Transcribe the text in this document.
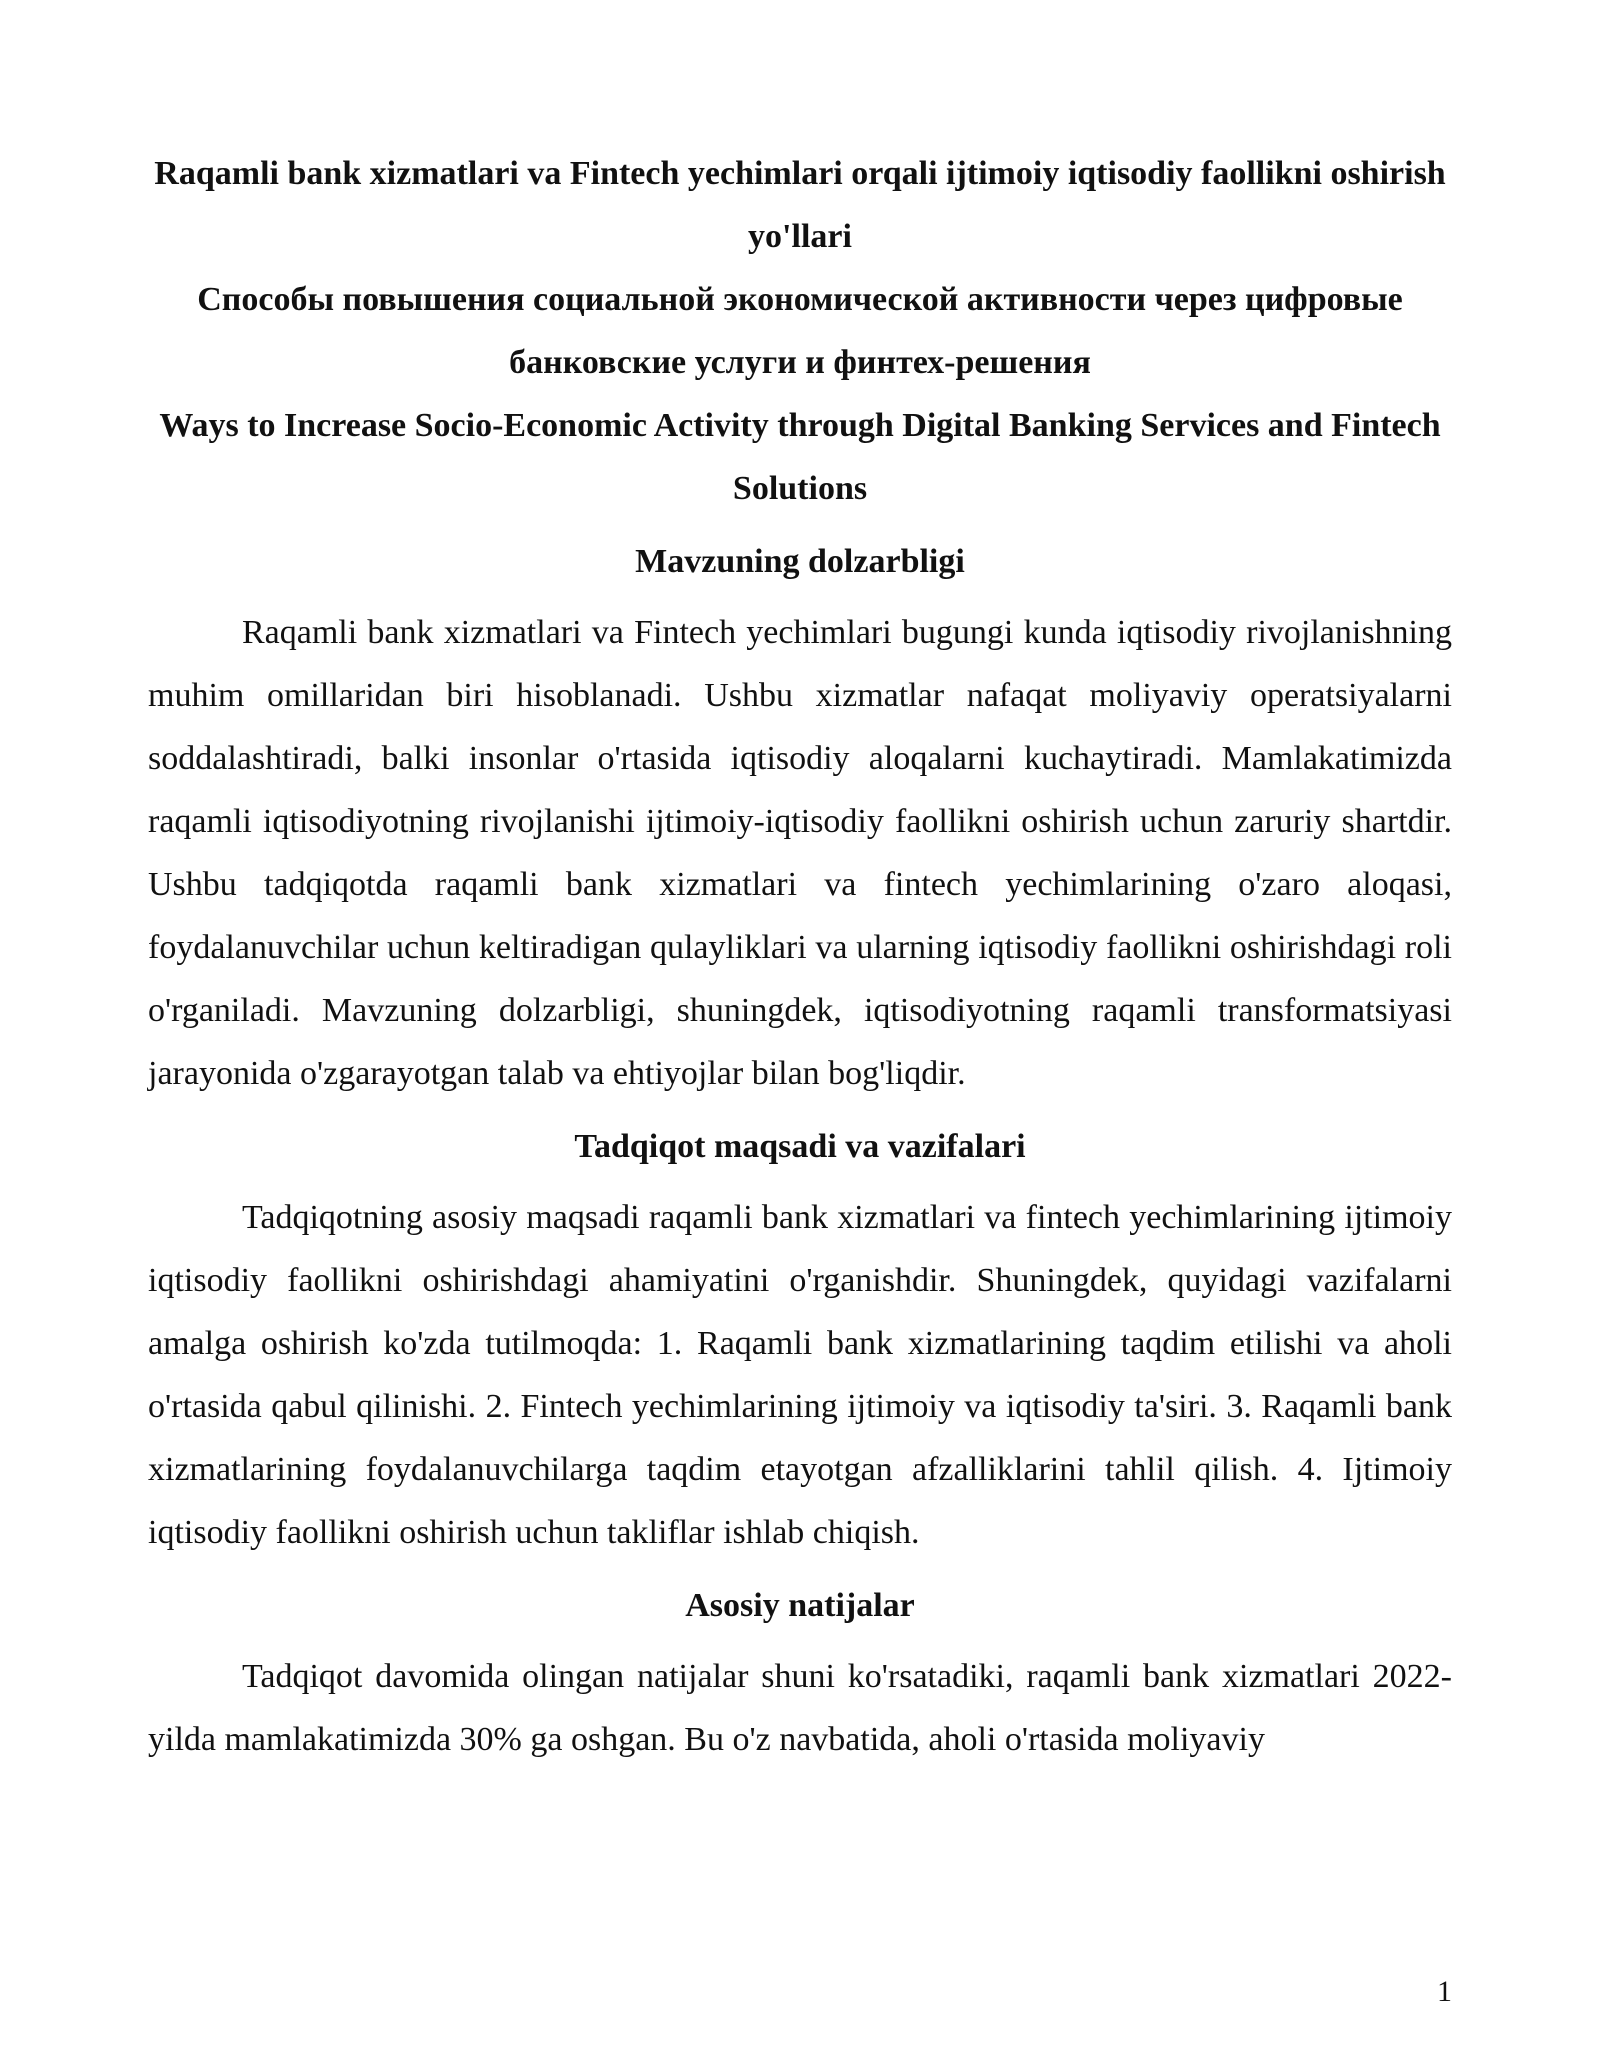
Raqamli bank xizmatlari va Fintech yechimlari orqali ijtimoiy iqtisodiy faollikni oshirish yo'llari

Способы повышения социальной экономической активности через цифровые банковские услуги и финтех-решения

Ways to Increase Socio-Economic Activity through Digital Banking Services and Fintech Solutions

Mavzuning dolzarbligi

Raqamli bank xizmatlari va Fintech yechimlari bugungi kunda iqtisodiy rivojlanishning muhim omillaridan biri hisoblanadi. Ushbu xizmatlar nafaqat moliyaviy operatsiyalarni soddalashtiradi, balki insonlar o'rtasida iqtisodiy aloqalarni kuchaytiradi. Mamlakatimizda raqamli iqtisodiyotning rivojlanishi ijtimoiy-iqtisodiy faollikni oshirish uchun zaruriy shartdir. Ushbu tadqiqotda raqamli bank xizmatlari va fintech yechimlarining o'zaro aloqasi, foydalanuvchilar uchun keltiradigan qulayliklari va ularning iqtisodiy faollikni oshirishdagi roli o'rganiladi. Mavzuning dolzarbligi, shuningdek, iqtisodiyotning raqamli transformatsiyasi jarayonida o'zgarayotgan talab va ehtiyojlar bilan bog'liqdir.

Tadqiqot maqsadi va vazifalari

Tadqiqotning asosiy maqsadi raqamli bank xizmatlari va fintech yechimlarining ijtimoiy iqtisodiy faollikni oshirishdagi ahamiyatini o'rganishdir. Shuningdek, quyidagi vazifalarni amalga oshirish ko'zda tutilmoqda: 1. Raqamli bank xizmatlarining taqdim etilishi va aholi o'rtasida qabul qilinishi. 2. Fintech yechimlarining ijtimoiy va iqtisodiy ta'siri. 3. Raqamli bank xizmatlarining foydalanuvchilarga taqdim etayotgan afzalliklarini tahlil qilish. 4. Ijtimoiy iqtisodiy faollikni oshirish uchun takliflar ishlab chiqish.

Asosiy natijalar

Tadqiqot davomida olingan natijalar shuni ko'rsatadiki, raqamli bank xizmatlari 2022-yilda mamlakatimizda 30% ga oshgan. Bu o'z navbatida, aholi o'rtasida moliyaviy

1
